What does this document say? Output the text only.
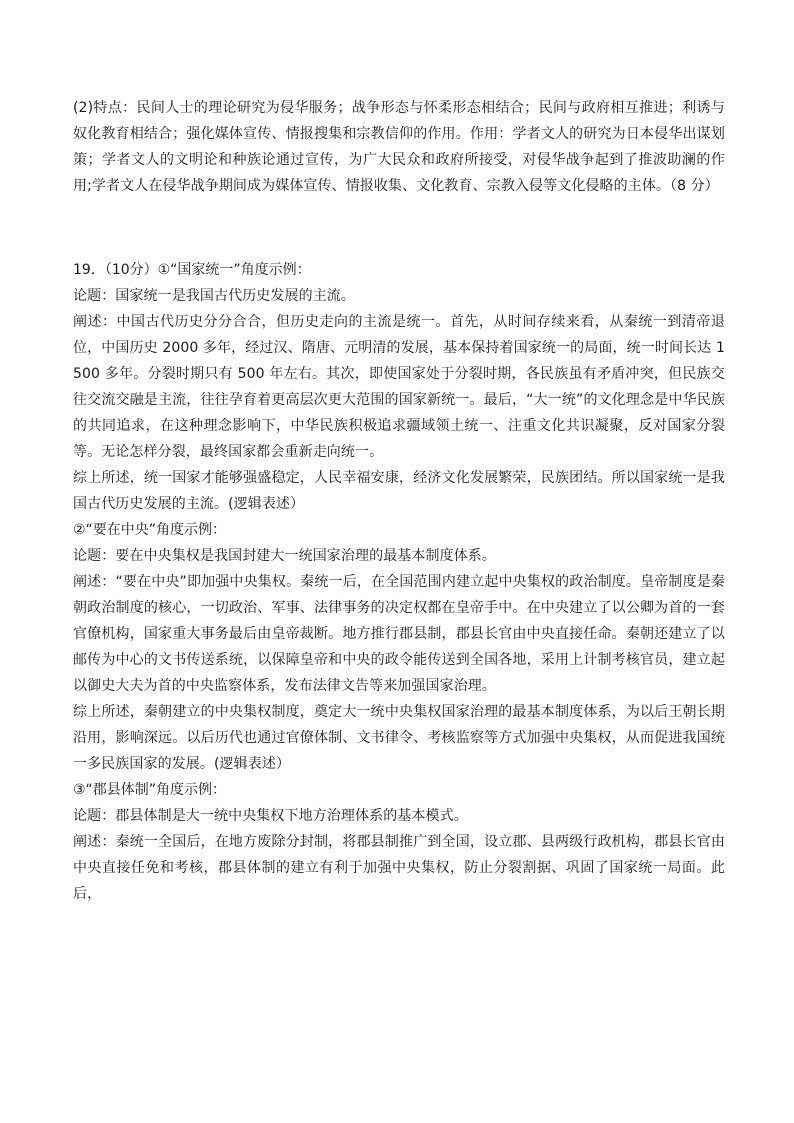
(2)特点：民间人士的理论研究为侵华服务；战争形态与怀柔形态相结合；民间与政府相互推进；利诱与奴化教育相结合；强化媒体宣传、情报搜集和宗教信仰的作用。作用：学者文人的研究为日本侵华出谋划策；学者文人的文明论和种族论通过宣传，为广大民众和政府所接受，对侵华战争起到了推波助澜的作用;学者文人在侵华战争期间成为媒体宣传、情报收集、文化教育、宗教入侵等文化侵略的主体。（8 分）

19．（10分）①“国家统一”角度示例：

论题：国家统一是我国古代历史发展的主流。

阐述：中国古代历史分分合合，但历史走向的主流是统一。首先，从时间存续来看，从秦统一到清帝退位，中国历史 2000 多年，经过汉、隋唐、元明清的发展，基本保持着国家统一的局面，统一时间长达 1500 多年。分裂时期只有 500 年左右。其次，即使国家处于分裂时期，各民族虽有矛盾冲突，但民族交往交流交融是主流，往往孕育着更高层次更大范围的国家新统一。最后，“大一统”的文化理念是中华民族的共同追求，在这种理念影响下，中华民族积极追求疆域领土统一、注重文化共识凝聚，反对国家分裂等。无论怎样分裂，最终国家都会重新走向统一。

综上所述，统一国家才能够强盛稳定，人民幸福安康，经济文化发展繁荣，民族团结。所以国家统一是我国古代历史发展的主流。(逻辑表述）

②“要在中央”角度示例：

论题：要在中央集权是我国封建大一统国家治理的最基本制度体系。

阐述：“要在中央”即加强中央集权。秦统一后，在全国范围内建立起中央集权的政治制度。皇帝制度是秦朝政治制度的核心，一切政治、军事、法律事务的决定权都在皇帝手中。在中央建立了以公卿为首的一套官僚机构，国家重大事务最后由皇帝裁断。地方推行郡县制，郡县长官由中央直接任命。秦朝还建立了以邮传为中心的文书传送系统，以保障皇帝和中央的政令能传送到全国各地，采用上计制考核官员，建立起以御史大夫为首的中央监察体系，发布法律文告等来加强国家治理。

综上所述，秦朝建立的中央集权制度，奠定大一统中央集权国家治理的最基本制度体系，为以后王朝长期沿用，影响深远。以后历代也通过官僚体制、文书律令、考核监察等方式加强中央集权，从而促进我国统一多民族国家的发展。(逻辑表述）

③“郡县体制”角度示例：

论题：郡县体制是大一统中央集权下地方治理体系的基本模式。

阐述：秦统一全国后，在地方废除分封制，将郡县制推广到全国，设立郡、县两级行政机构，郡县长官由中央直接任免和考核，郡县体制的建立有利于加强中央集权，防止分裂割据、巩固了国家统一局面。此后，
